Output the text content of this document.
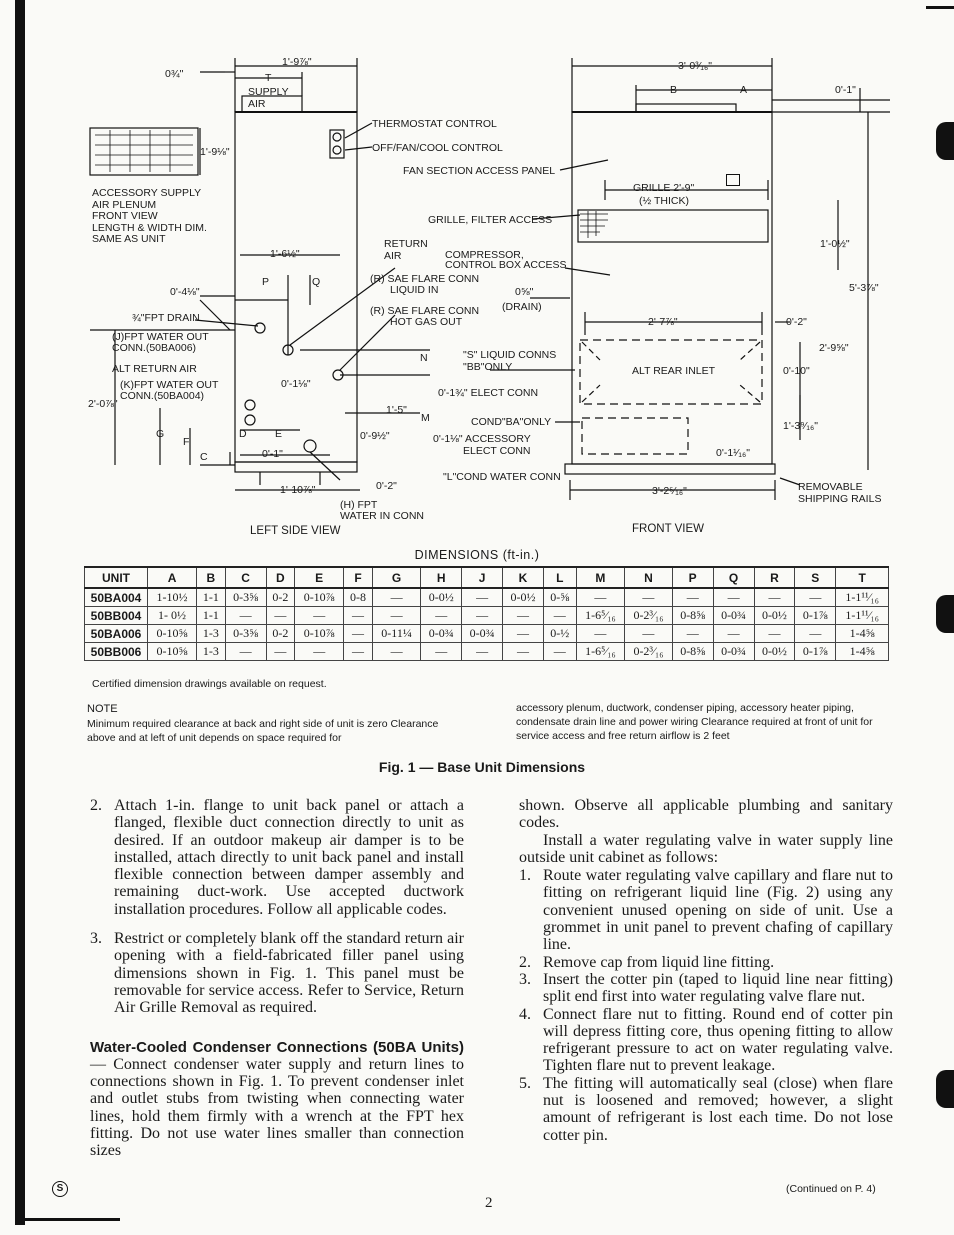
0¾"
1'-9⅞"
T
SUPPLY AIR
THERMOSTAT CONTROL
OFF/FAN/COOL CONTROL
1'-9⅛"
ACCESSORY SUPPLY
AIR PLENUM
FRONT VIEW
LENGTH & WIDTH DIM.
SAME AS UNIT
1'-6½"
RETURN AIR
P	Q
0'-4⅛"
¾"FPT DRAIN
(J)FPT WATER OUT
CONN.(50BA006)
ALT RETURN AIR
(K)FPT WATER OUT
CONN.(50BA004)
2'-0⅞"
G
F
C
D	E
0'-1"
0'-1⅛"
1'-10⅞"	0'-2"
(H) FPT
WATER IN CONN
N
M
1'-5"
0'-9½"
LEFT SIDE VIEW
FAN SECTION ACCESS PANEL
GRILLE, FILTER ACCESS
COMPRESSOR,
CONTROL BOX ACCESS
(R) SAE FLARE CONN
LIQUID IN
(R) SAE FLARE CONN
HOT GAS OUT
(DRAIN)
0⅝"
"S" LIQUID CONNS
"BB"ONLY
0'-1¾" ELECT CONN
COND"BA"ONLY
0'-1⅛" ACCESSORY
ELECT CONN
"L"COND WATER CONN
3'-0³⁄₁₆"
B	A	0'-1"
GRILLE 2'-9"
(½ THICK)
1'-0½"
5'-3⅞"
2'-7⅞"	0'-2"
2'-9⅝"
ALT REAR INLET	0'-10"
1'-3⁹⁄₁₆"
0'-1¹⁄₁₆"
3'-2⁵⁄₁₆"	REMOVABLE
SHIPPING RAILS
FRONT VIEW
DIMENSIONS (ft-in.)
UNIT	A	B	C	D	E	F	G	H	J	K	L	M	N	P	Q	R	S	T
50BA004	1-10½	1-1	0-3⅝	0-2	0-10⅞	0-8	—	0-0½	—	0-0½	0-⅝	—	—	—	—	—	—	1-1¹¹⁄₁₆
50BB004	1- 0½	1-1	—	—	—	—	—	—	—	—	—	1-6⁵⁄₁₆	0-2³⁄₁₆	0-8⅝	0-0¾	0-0½	0-1⅞	1-1¹¹⁄₁₆
50BA006	0-10⅝	1-3	0-3⅝	0-2	0-10⅞	—	0-11¼	0-0¾	0-0¾	—	0-½	—	—	—	—	—	—	1-4⅝
50BB006	0-10⅝	1-3	—	—	—	—	—	—	—	—	—	1-6⁵⁄₁₆	0-2³⁄₁₆	0-8⅝	0-0¾	0-0½	0-1⅞	1-4⅝
Certified dimension drawings available on request.
NOTE
Minimum required clearance at back and right side of unit is zero Clearance above and at left of unit depends on space required for
accessory plenum, ductwork, condenser piping, accessory heater piping, condensate drain line and power wiring Clearance required at front of unit for service access and free return airflow is 2 feet
Fig. 1 — Base Unit Dimensions
2. Attach 1-in. flange to unit back panel or attach a flanged, flexible duct connection directly to unit as desired. If an outdoor makeup air damper is to be installed, attach directly to unit back panel and install flexible connection between damper assembly and remaining duct-work. Use accepted ductwork installation procedures. Follow all applicable codes.
3. Restrict or completely blank off the standard return air opening with a field-fabricated filler panel using dimensions shown in Fig. 1. This panel must be removable for service access. Refer to Service, Return Air Grille Removal as required.

Water-Cooled Condenser Connections (50BA Units) — Connect condenser water supply and return lines to connections shown in Fig. 1. To prevent condenser inlet and outlet stubs from twisting when connecting water lines, hold them firmly with a wrench at the FPT hex fitting. Do not use water lines smaller than connection sizes

shown. Observe all applicable plumbing and sanitary codes.

Install a water regulating valve in water supply line outside unit cabinet as follows:

1. Route water regulating valve capillary and flare nut to fitting on refrigerant liquid line (Fig. 2) using any convenient unused opening on side of unit. Use a grommet in unit panel to prevent chafing of capillary line.
2. Remove cap from liquid line fitting.
3. Insert the cotter pin (taped to liquid line near fitting) split end first into water regulating valve flare nut.
4. Connect flare nut to fitting. Round end of cotter pin will depress fitting core, thus opening fitting to allow refrigerant pressure to act on water regulating valve. Tighten flare nut to prevent leakage.
5. The fitting will automatically seal (close) when flare nut is loosened and removed; however, a slight amount of refrigerant is lost each time. Do not lose cotter pin.
S
2
(Continued on P. 4)
